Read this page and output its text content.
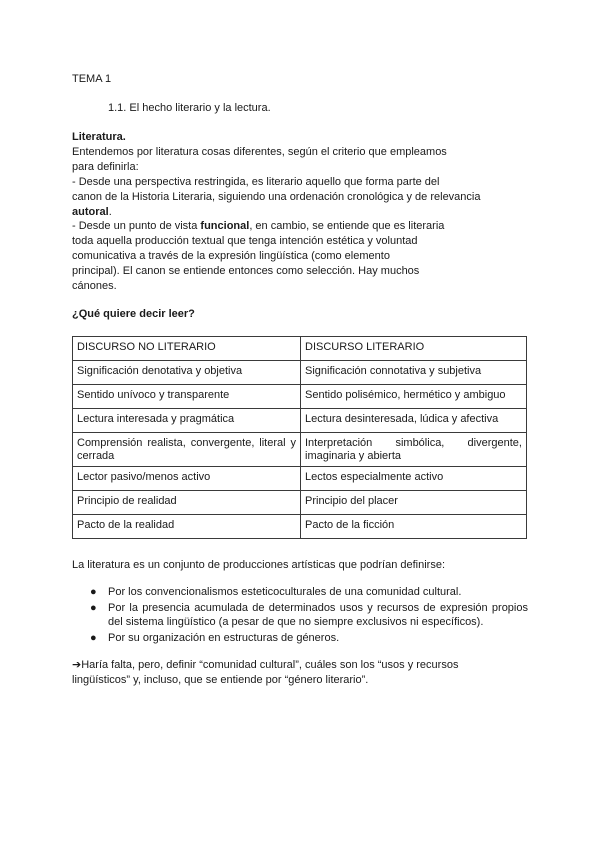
TEMA 1
1.1. El hecho literario y la lectura.
Literatura.
Entendemos por literatura cosas diferentes, según el criterio que empleamos
para definirla:
- Desde una perspectiva restringida, es literario aquello que forma parte del
canon de la Historia Literaria, siguiendo una ordenación cronológica y de relevancia
autoral.
- Desde un punto de vista funcional, en cambio, se entiende que es literaria
toda aquella producción textual que tenga intención estética y voluntad
comunicativa a través de la expresión lingüística (como elemento
principal). El canon se entiende entonces como selección. Hay muchos
cánones.
¿Qué quiere decir leer?
DISCURSO NO LITERARIO	DISCURSO LITERARIO
Significación denotativa y objetiva	Significación connotativa y subjetiva
Sentido unívoco y transparente	Sentido polisémico, hermético y ambiguo
Lectura interesada y pragmática	Lectura desinteresada, lúdica y afectiva
Comprensión realista, convergente, literal y cerrada	Interpretación simbólica, divergente, imaginaria y abierta
Lector pasivo/menos activo	Lectos especialmente activo
Principio de realidad	Principio del placer
Pacto de la realidad	Pacto de la ficción
La literatura es un conjunto de producciones artísticas que podrían definirse:
● Por los convencionalismos esteticoculturales de una comunidad cultural.
● Por la presencia acumulada de determinados usos y recursos de expresión propios del sistema lingüístico (a pesar de que no siempre exclusivos ni específicos).
● Por su organización en estructuras de géneros.
➔Haría falta, pero, definir “comunidad cultural”, cuáles son los “usos y recursos
lingüísticos” y, incluso, que se entiende por “género literario”.
